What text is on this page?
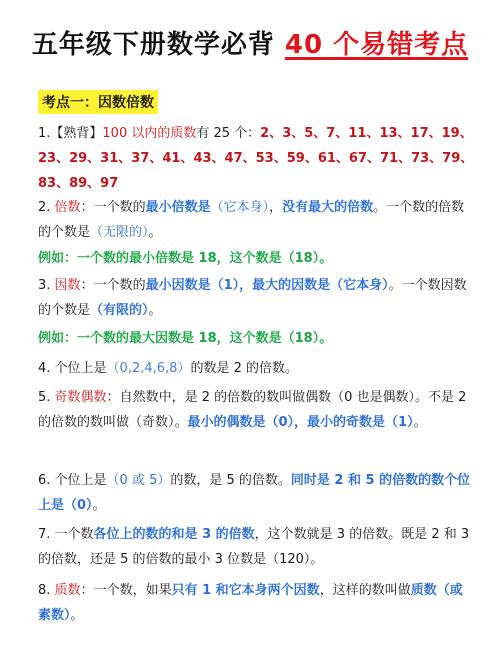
五年级下册数学必背 40 个易错考点
考点一：因数倍数
1.【熟背】100 以内的质数有 25 个：2、3、5、7、11、13、17、19、23、29、31、37、41、43、47、53、59、61、67、71、73、79、83、89、97
2. 倍数：一个数的最小倍数是（它本身），没有最大的倍数。一个数的倍数的个数是（无限的）。
例如：一个数的最小倍数是 18，这个数是（18）。
3. 因数：一个数的最小因数是（1），最大的因数是（它本身）。一个数因数的个数是（有限的）。
例如：一个数的最大因数是 18，这个数是（18）。
4. 个位上是（0,2,4,6,8）的数是 2 的倍数。
5. 奇数偶数：自然数中，是 2 的倍数的数叫做偶数（0 也是偶数）。不是 2 的倍数的数叫做（奇数）。最小的偶数是（0），最小的奇数是（1）。
6. 个位上是（0 或 5）的数，是 5 的倍数。同时是 2 和 5 的倍数的数个位上是（0）。
7. 一个数各位上的数的和是 3 的倍数，这个数就是 3 的倍数。既是 2 和 3 的倍数，还是 5 的倍数的最小 3 位数是（120）。
8. 质数：一个数，如果只有 1 和它本身两个因数，这样的数叫做质数（或素数）。
